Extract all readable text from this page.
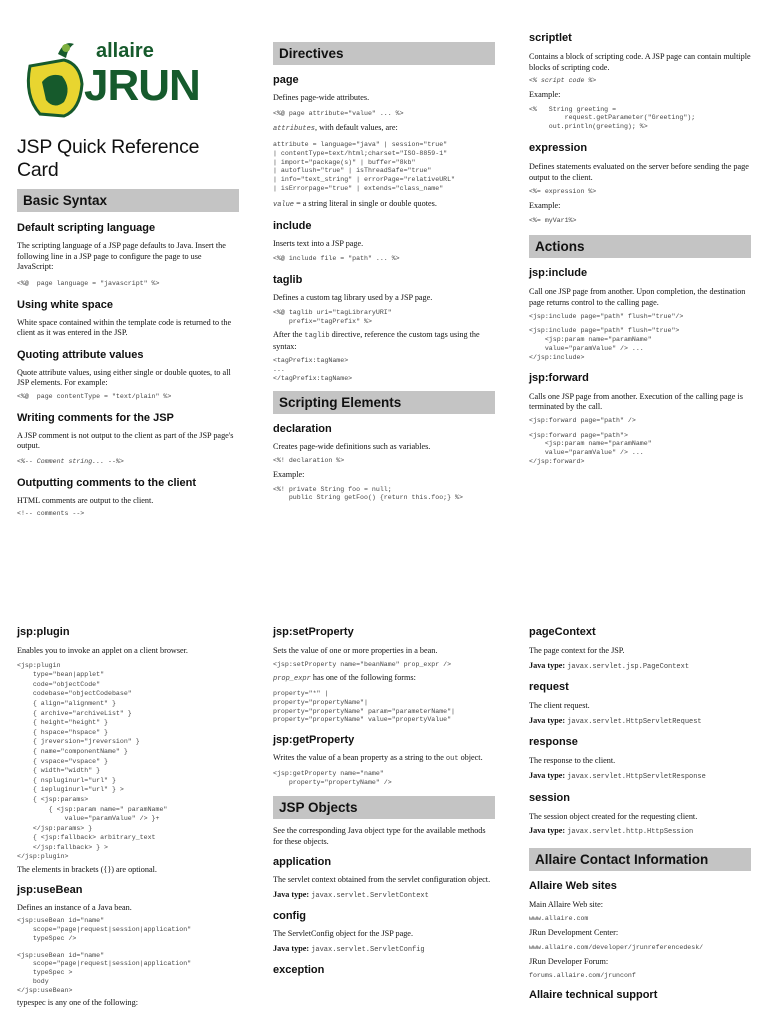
allaire
JRUN
JSP Quick Reference Card
Basic Syntax
Default scripting language

The scripting language of a JSP page defaults to Java. Insert the following line in a JSP page to configure the page to use JavaScript:

<%@  page language = "javascript" %>

Using white space

White space contained within the template code is returned to the client as it was entered in the JSP.

Quoting attribute values

Quote attribute values, using either single or double quotes, to all JSP elements. For example:

<%@  page contentType = "text/plain" %>

Writing comments for the JSP

A JSP comment is not output to the client as part of the JSP page's output.

<%-- Comment string... --%>

Outputting comments to the client

HTML comments are output to the client.

<!-- comments -->

Directives
page

Defines page-wide attributes.

<%@ page attribute="value" ... %>

attributes, with default values, are:

attribute = language="java" | session="true"

| contentType=text/html;charset="ISO-8859-1"

| import="package(s)" | buffer="8kb"

| autoflush="true" | isThreadSafe="true"

| info="text_string" | errorPage="relativeURL"

| isErrorpage="true" | extends="class_name"

value = a string literal in single or double quotes.

include

Inserts text into a JSP page.

<%@ include file = "path" ... %>

taglib

Defines a custom tag library used by a JSP page.

<%@ taglib uri="tagLibraryURI"
prefix="tagPrefix" %>

After the taglib directive, reference the custom tags using the syntax:

<tagPrefix:tagName>
...
</tagPrefix:tagName>

Scripting Elements
declaration

Creates page-wide definitions such as variables.

<%! declaration %>

Example:

<%! private String foo = null;
public String getFoo() {return this.foo;} %>

scriptlet

Contains a block of scripting code. A JSP page can contain multiple blocks of scripting code.

<% script code %>

Example:

<%   String greeting =
request.getParameter("Greeting");
out.println(greeting); %>

expression

Defines statements evaluated on the server before sending the page output to the client.

<%= expression %>

Example:

<%= myVar1%>

Actions
jsp:include

Call one JSP page from another. Upon completion, the destination page returns control to the calling page.

<jsp:include page="path" flush="true"/>

<jsp:include page="path" flush="true">
<jsp:param name="paramName"
value="paramValue" /> ...
</jsp:include>

jsp:forward

Calls one JSP page from another. Execution of the calling page is terminated by the call.

<jsp:forward page="path" />

<jsp:forward page="path">
<jsp:param name="paramName"
value="paramValue" /> ...
</jsp:forward>

jsp:plugin

Enables you to invoke an applet on a client browser.

<jsp:plugin
type="bean|applet"
code="objectCode"
codebase="objectCodebase"
{ align="alignment" }
{ archive="archiveList" }
{ height="height" }
{ hspace="hspace" }
{ jreversion="jreversion" }
{ name="componentName" }
{ vspace="vspace" }
{ width="width" }
{ nspluginurl="url" }
{ iepluginurl="url" } >
{ <jsp:params>
{ <jsp:param name=" paramName"
value="paramValue" /> }+
</jsp:params> }
{ <jsp:fallback> arbitrary_text
</jsp:fallback> } >
</jsp:plugin>

The elements in brackets ({}) are optional.

jsp:useBean

Defines an instance of a Java bean.

<jsp:useBean id="name"
scope="page|request|session|application"
typeSpec />

<jsp:useBean id="name"
scope="page|request|session|application"
typeSpec >
body
</jsp:useBean>

typespec is any one of the following:

jsp:setProperty

Sets the value of one or more properties in a bean.

<jsp:setProperty name="beanName" prop_expr />

prop_expr has one of the following forms:

property="*" |
property="propertyName"|
property="propertyName" param="parameterName"|
property="propertyName" value="propertyValue"

jsp:getProperty

Writes the value of a bean property as a string to the out object.

<jsp:getProperty name="name"
property="propertyName" />

JSP Objects

See the corresponding Java object type for the available methods for these objects.

application

The servlet context obtained from the servlet configuration object.

Java type: javax.servlet.ServletContext

config

The ServletConfig object for the JSP page.

Java type: javax.servlet.ServletConfig

exception
pageContext

The page context for the JSP.

Java type: javax.servlet.jsp.PageContext

request

The client request.

Java type: javax.servlet.HttpServletRequest

response

The response to the client.

Java type: javax.servlet.HttpServletResponse

session

The session object created for the requesting client.

Java type: javax.servlet.http.HttpSession

Allaire Contact Information
Allaire Web sites

Main Allaire Web site:

www.allaire.com

JRun Development Center:

www.allaire.com/developer/jrunreferencedesk/

JRun Developer Forum:

forums.allaire.com/jrunconf

Allaire technical support
